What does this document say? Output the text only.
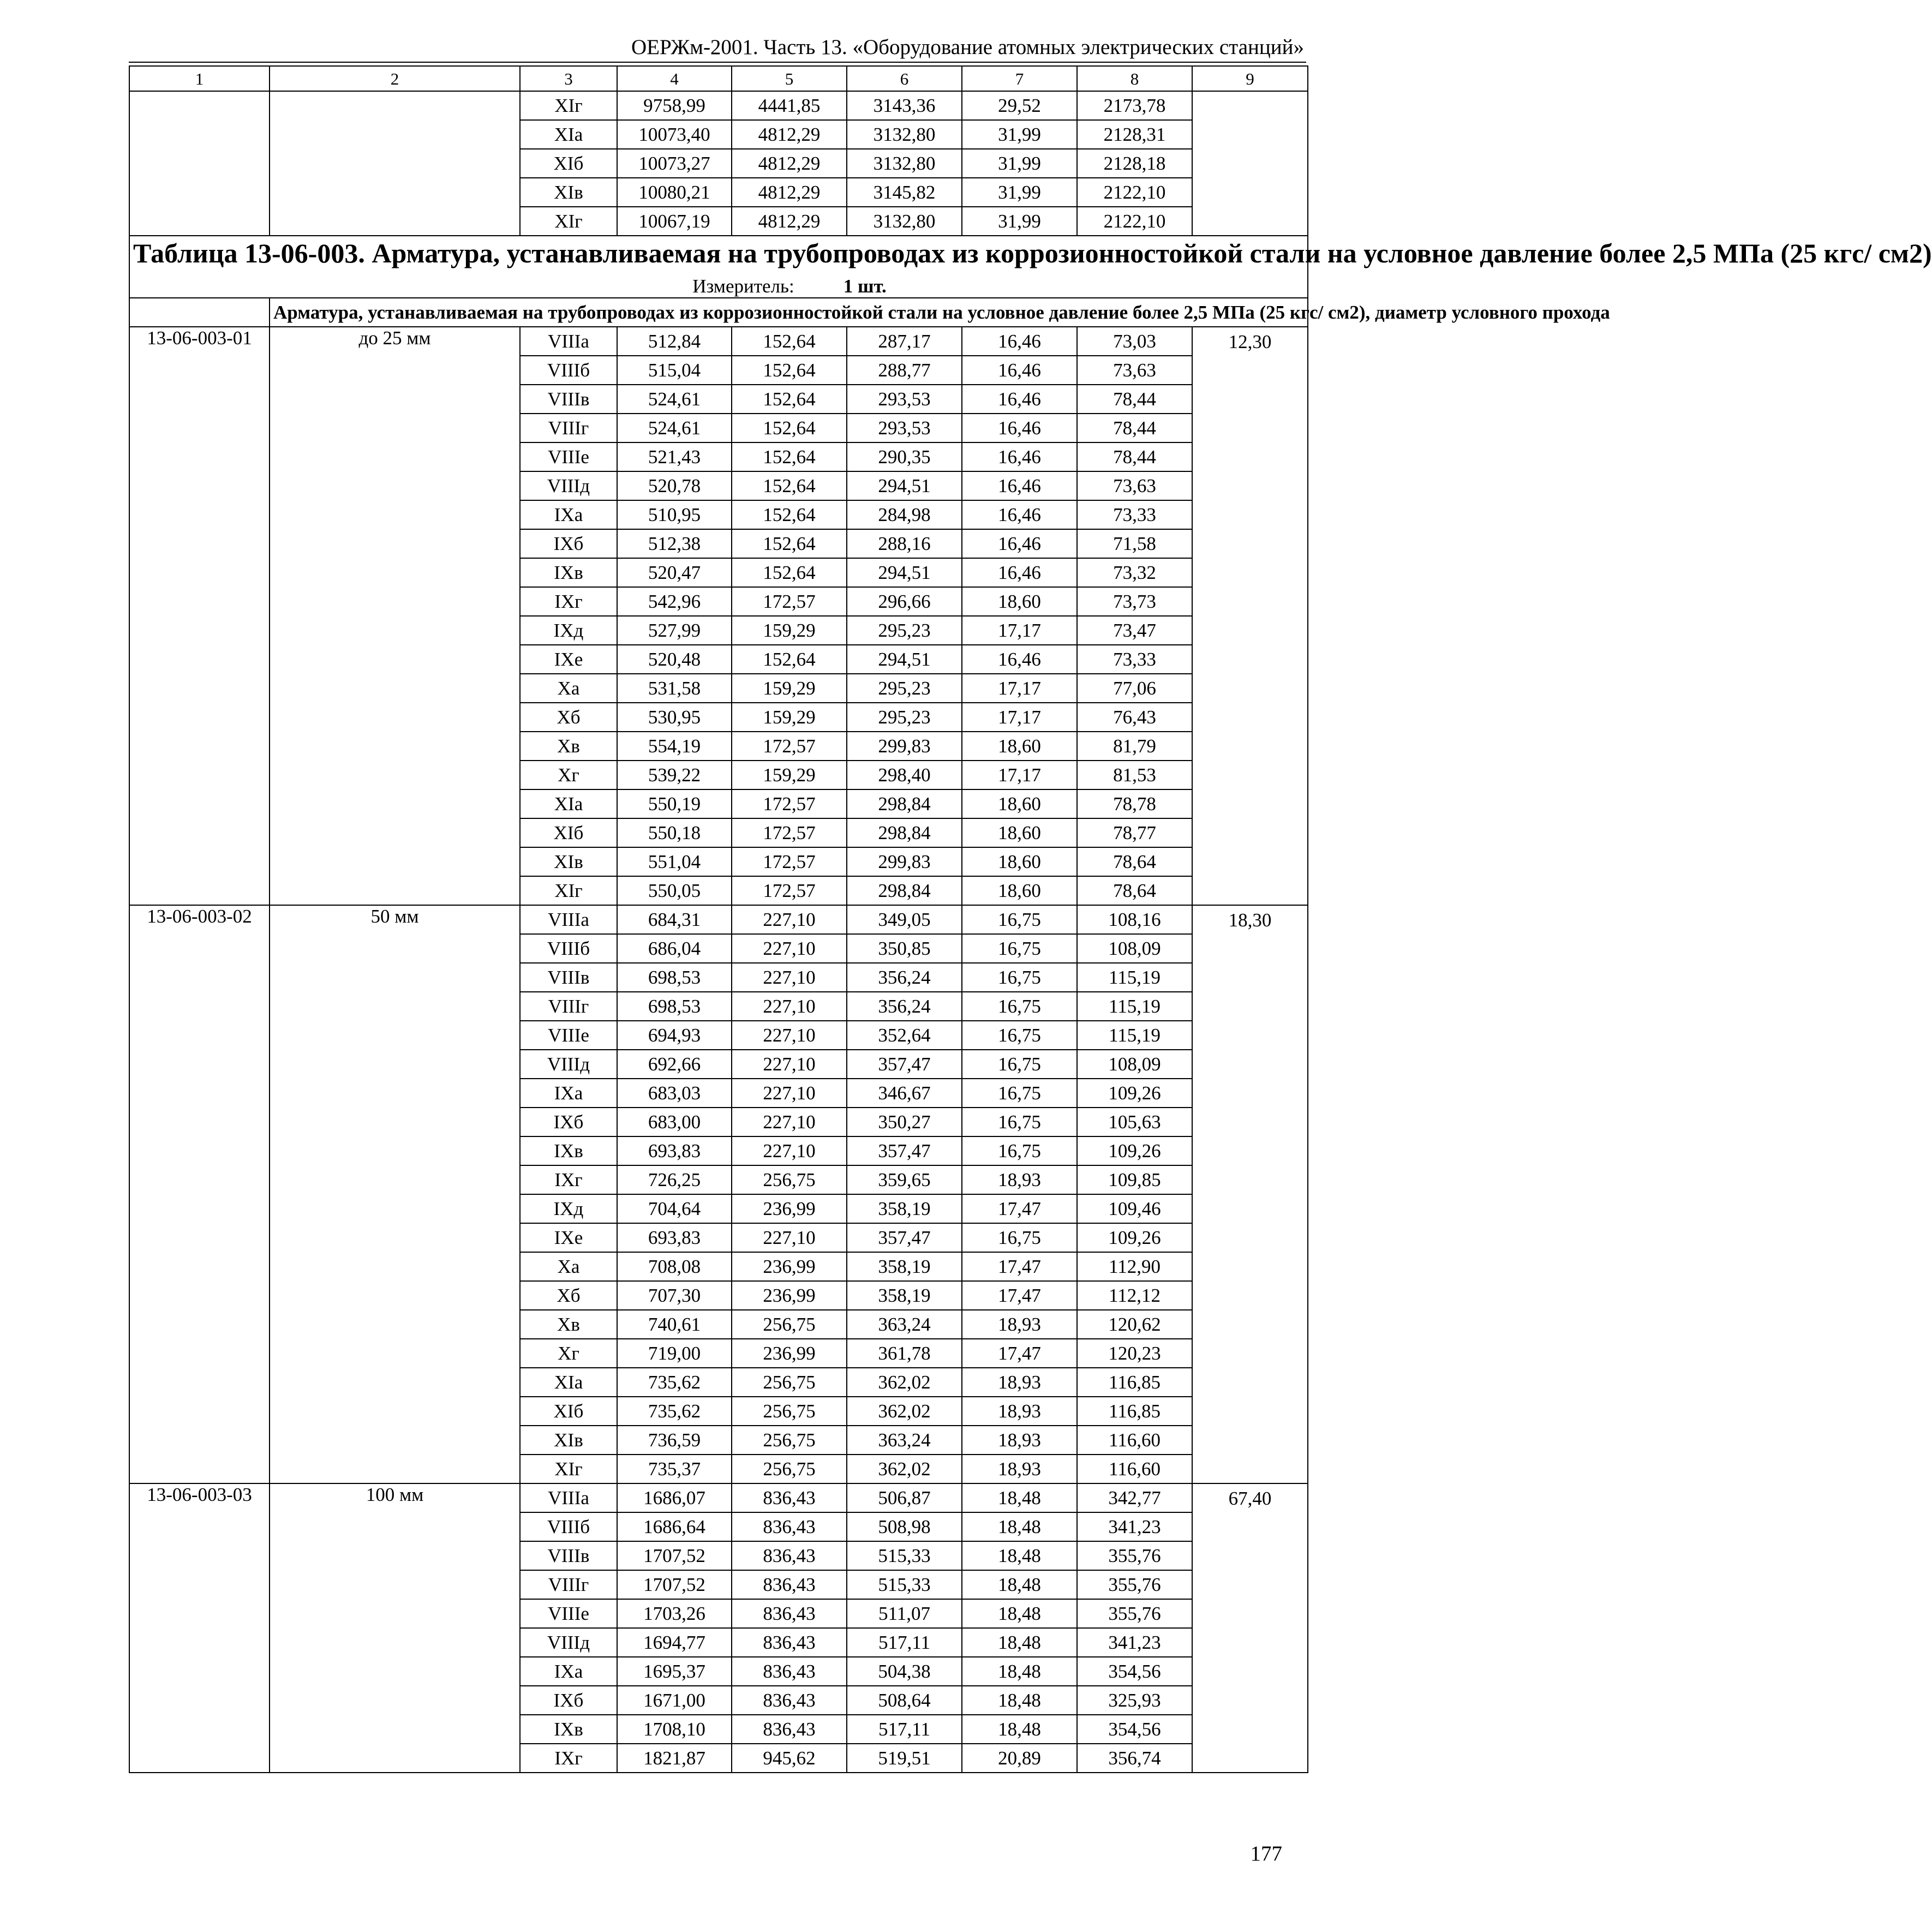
ОЕРЖм-2001. Часть 13. «Оборудование атомных электрических станций»
1	2	3	4	5	6	7	8	9
		ХIг	9758,99	4441,85	3143,36	29,52	2173,78	
		ХIа	10073,40	4812,29	3132,80	31,99	2128,31	
		ХIб	10073,27	4812,29	3132,80	31,99	2128,18	
		ХIв	10080,21	4812,29	3145,82	31,99	2122,10	
		ХIг	10067,19	4812,29	3132,80	31,99	2122,10	

Таблица 13-06-003. Арматура, устанавливаемая на трубопроводах из коррозионностойкой стали на условное давление более 2,5 МПа (25 кгс/ см2)
Измеритель: 1 шт.								

	Арматура, устанавливаемая на трубопроводах из коррозионностойкой стали на условное давление более 2,5 МПа (25 кгс/ см2), диаметр условного прохода							
13-06-003-01	до 25 мм	VIIIа	512,84	152,64	287,17	16,46	73,03	12,30
		VIIIб	515,04	152,64	288,77	16,46	73,63	
		VIIIв	524,61	152,64	293,53	16,46	78,44	
		VIIIг	524,61	152,64	293,53	16,46	78,44	
		VIIIе	521,43	152,64	290,35	16,46	78,44	
		VIIIд	520,78	152,64	294,51	16,46	73,63	
		IXа	510,95	152,64	284,98	16,46	73,33	
		IXб	512,38	152,64	288,16	16,46	71,58	
		IXв	520,47	152,64	294,51	16,46	73,32	
		IXг	542,96	172,57	296,66	18,60	73,73	
		IXд	527,99	159,29	295,23	17,17	73,47	
		IXе	520,48	152,64	294,51	16,46	73,33	
		Ха	531,58	159,29	295,23	17,17	77,06	
		Хб	530,95	159,29	295,23	17,17	76,43	
		Хв	554,19	172,57	299,83	18,60	81,79	
		Хг	539,22	159,29	298,40	17,17	81,53	
		ХIа	550,19	172,57	298,84	18,60	78,78	
		ХIб	550,18	172,57	298,84	18,60	78,77	
		ХIв	551,04	172,57	299,83	18,60	78,64	
		ХIг	550,05	172,57	298,84	18,60	78,64	
13-06-003-02	50 мм	VIIIа	684,31	227,10	349,05	16,75	108,16	18,30
		VIIIб	686,04	227,10	350,85	16,75	108,09	
		VIIIв	698,53	227,10	356,24	16,75	115,19	
		VIIIг	698,53	227,10	356,24	16,75	115,19	
		VIIIе	694,93	227,10	352,64	16,75	115,19	
		VIIIд	692,66	227,10	357,47	16,75	108,09	
		IXа	683,03	227,10	346,67	16,75	109,26	
		IXб	683,00	227,10	350,27	16,75	105,63	
		IXв	693,83	227,10	357,47	16,75	109,26	
		IXг	726,25	256,75	359,65	18,93	109,85	
		IXд	704,64	236,99	358,19	17,47	109,46	
		IXе	693,83	227,10	357,47	16,75	109,26	
		Ха	708,08	236,99	358,19	17,47	112,90	
		Хб	707,30	236,99	358,19	17,47	112,12	
		Хв	740,61	256,75	363,24	18,93	120,62	
		Хг	719,00	236,99	361,78	17,47	120,23	
		ХIа	735,62	256,75	362,02	18,93	116,85	
		ХIб	735,62	256,75	362,02	18,93	116,85	
		ХIв	736,59	256,75	363,24	18,93	116,60	
		ХIг	735,37	256,75	362,02	18,93	116,60	
13-06-003-03	100 мм	VIIIа	1686,07	836,43	506,87	18,48	342,77	67,40
		VIIIб	1686,64	836,43	508,98	18,48	341,23	
		VIIIв	1707,52	836,43	515,33	18,48	355,76	
		VIIIг	1707,52	836,43	515,33	18,48	355,76	
		VIIIе	1703,26	836,43	511,07	18,48	355,76	
		VIIIд	1694,77	836,43	517,11	18,48	341,23	
		IXа	1695,37	836,43	504,38	18,48	354,56	
		IXб	1671,00	836,43	508,64	18,48	325,93	
		IXв	1708,10	836,43	517,11	18,48	354,56	
		IXг	1821,87	945,62	519,51	20,89	356,74	
177
